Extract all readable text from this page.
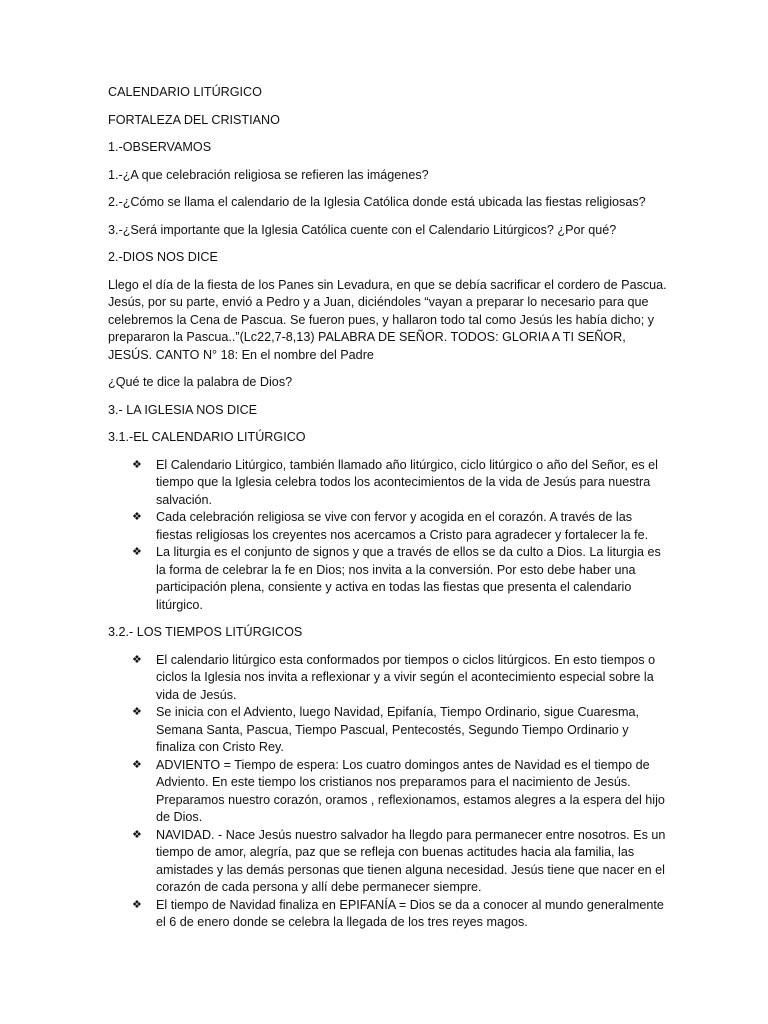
CALENDARIO LITÚRGICO

FORTALEZA DEL CRISTIANO

1.-OBSERVAMOS

1.-¿A que celebración religiosa se refieren las imágenes?

2.-¿Cómo se llama el calendario de la Iglesia Católica donde está ubicada las fiestas religiosas?

3.-¿Será importante que la Iglesia Católica cuente con el Calendario Litúrgicos? ¿Por qué?

2.-DIOS NOS DICE

Llego el día de la fiesta de los Panes sin Levadura, en que se debía sacrificar el cordero de Pascua. Jesús, por su parte, envió a Pedro y a Juan, diciéndoles “vayan a preparar lo necesario para que celebremos la Cena de Pascua. Se fueron pues, y hallaron todo tal como Jesús les había dicho; y prepararon la Pascua..”(Lc22,7-8,13) PALABRA DE SEÑOR. TODOS: GLORIA A TI SEÑOR, JESÚS. CANTO N° 18: En el nombre del Padre

¿Qué te dice la palabra de Dios?

3.- LA IGLESIA NOS DICE

3.1.-EL CALENDARIO LITÚRGICO

❖ El Calendario Litúrgico, también llamado año litúrgico, ciclo litúrgico o año del Señor, es el tiempo que la Iglesia celebra todos los acontecimientos de la vida de Jesús para nuestra salvación.
❖ Cada celebración religiosa se vive con fervor y acogida en el corazón. A través de las fiestas religiosas los creyentes nos acercamos a Cristo para agradecer y fortalecer la fe.
❖ La liturgia es el conjunto de signos y que a través de ellos se da culto a Dios. La liturgia es la forma de celebrar la fe en Dios; nos invita a la conversión. Por esto debe haber una participación plena, consiente y activa en todas las fiestas que presenta el calendario litúrgico.

3.2.- LOS TIEMPOS LITÚRGICOS

❖ El calendario litúrgico esta conformados por tiempos o ciclos litúrgicos. En esto tiempos o ciclos la Iglesia nos invita a reflexionar y a vivir según el acontecimiento especial sobre la vida de Jesús.
❖ Se inicia con el Adviento, luego Navidad, Epifanía, Tiempo Ordinario, sigue Cuaresma, Semana Santa, Pascua, Tiempo Pascual, Pentecostés, Segundo Tiempo Ordinario y finaliza con Cristo Rey.
❖ ADVIENTO = Tiempo de espera: Los cuatro domingos antes de Navidad es el tiempo de Adviento. En este tiempo los cristianos nos preparamos para el nacimiento de Jesús. Preparamos nuestro corazón, oramos , reflexionamos, estamos alegres a la espera del hijo de Dios.
❖ NAVIDAD. - Nace Jesús nuestro salvador ha llegdo para permanecer entre nosotros. Es un tiempo de amor, alegría, paz que se refleja con buenas actitudes hacia ala familia, las amistades y las demás personas que tienen alguna necesidad. Jesús tiene que nacer en el corazón de cada persona y allí debe permanecer siempre.
❖ El tiempo de Navidad finaliza en EPIFANÍA = Dios se da a conocer al mundo generalmente el 6 de enero donde se celebra la llegada de los tres reyes magos.
